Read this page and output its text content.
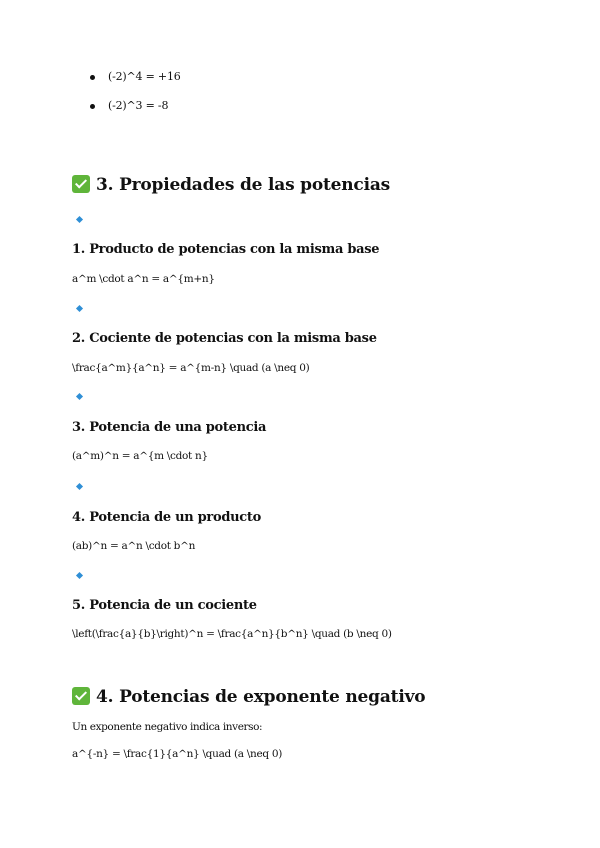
(-2)^4 = +16
(-2)^3 = -8
3. Propiedades de las potencias
1. Producto de potencias con la misma base
a^m \cdot a^n = a^{m+n}
2. Cociente de potencias con la misma base
\frac{a^m}{a^n} = a^{m-n} \quad (a \neq 0)
3. Potencia de una potencia
(a^m)^n = a^{m \cdot n}
4. Potencia de un producto
(ab)^n = a^n \cdot b^n
5. Potencia de un cociente
\left(\frac{a}{b}\right)^n = \frac{a^n}{b^n} \quad (b \neq 0)
4. Potencias de exponente negativo
Un exponente negativo indica inverso:
a^{-n} = \frac{1}{a^n} \quad (a \neq 0)
